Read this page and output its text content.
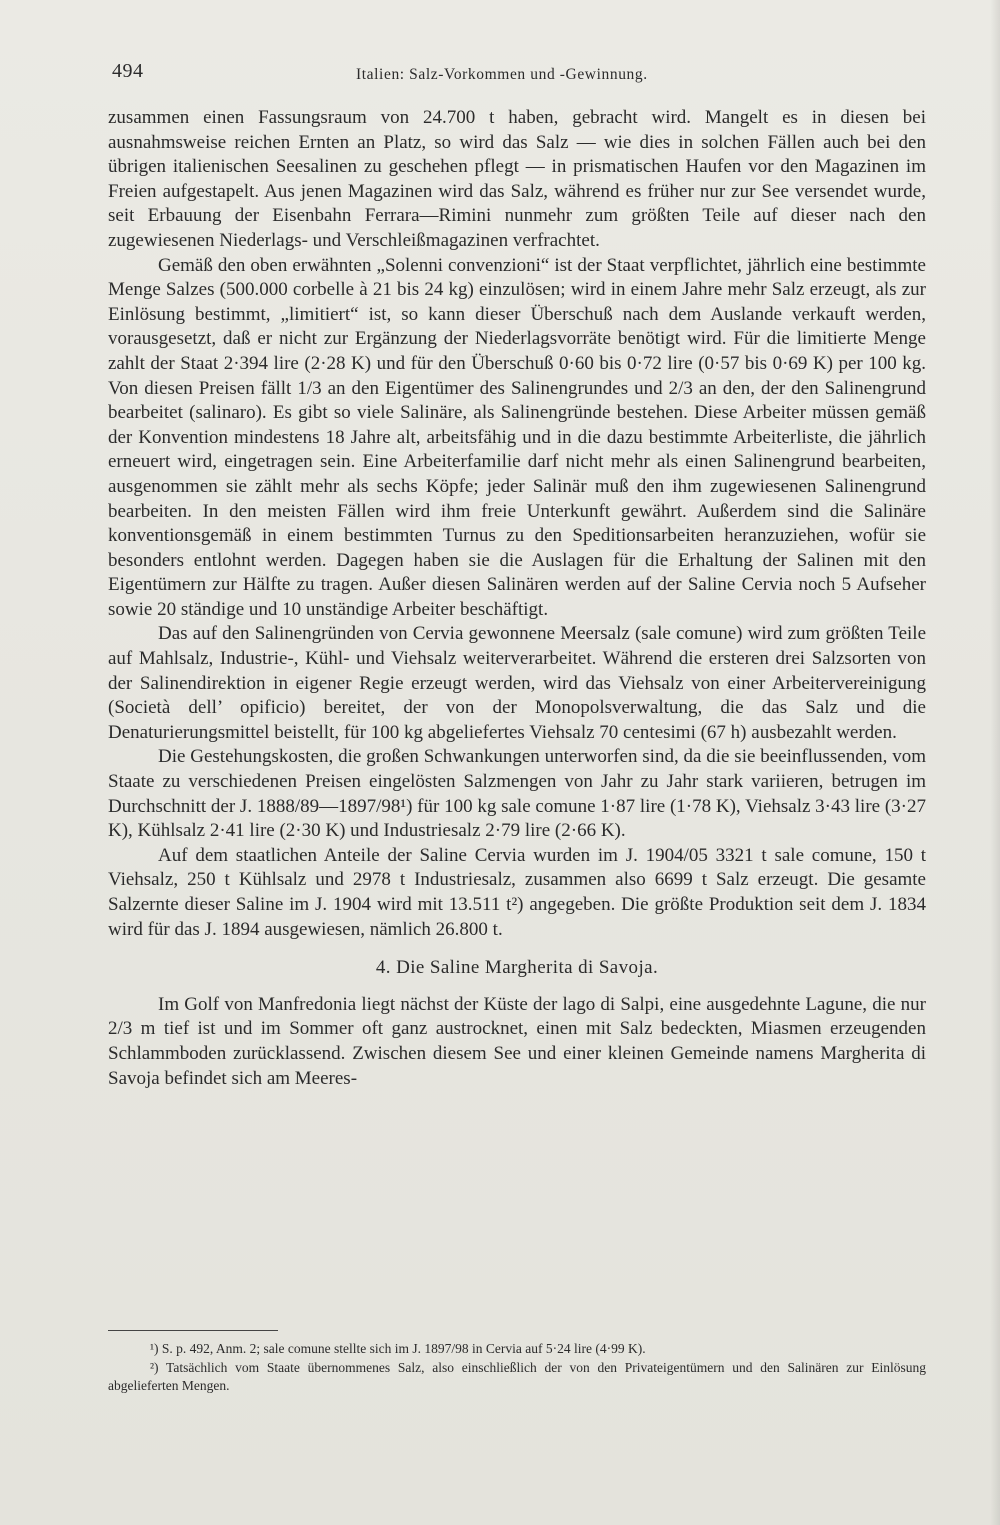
494	Italien: Salz-Vorkommen und -Gewinnung.

zusammen einen Fassungsraum von 24.700 t haben, gebracht wird. Mangelt es in diesen bei ausnahmsweise reichen Ernten an Platz, so wird das Salz — wie dies in solchen Fällen auch bei den übrigen italienischen Seesalinen zu geschehen pflegt — in prismatischen Haufen vor den Magazinen im Freien aufgestapelt. Aus jenen Magazinen wird das Salz, während es früher nur zur See versendet wurde, seit Erbauung der Eisenbahn Ferrara—Rimini nunmehr zum größten Teile auf dieser nach den zugewiesenen Niederlags- und Verschleißmagazinen verfrachtet.

Gemäß den oben erwähnten „Solenni convenzioni“ ist der Staat verpflichtet, jährlich eine bestimmte Menge Salzes (500.000 corbelle à 21 bis 24 kg) einzulösen; wird in einem Jahre mehr Salz erzeugt, als zur Einlösung bestimmt, „limitiert“ ist, so kann dieser Überschuß nach dem Auslande verkauft werden, vorausgesetzt, daß er nicht zur Ergänzung der Niederlagsvorräte benötigt wird. Für die limitierte Menge zahlt der Staat 2·394 lire (2·28 K) und für den Überschuß 0·60 bis 0·72 lire (0·57 bis 0·69 K) per 100 kg. Von diesen Preisen fällt 1/3 an den Eigentümer des Salinengrundes und 2/3 an den, der den Salinengrund bearbeitet (salinaro). Es gibt so viele Salinäre, als Salinengründe bestehen. Diese Arbeiter müssen gemäß der Konvention mindestens 18 Jahre alt, arbeitsfähig und in die dazu bestimmte Arbeiterliste, die jährlich erneuert wird, eingetragen sein. Eine Arbeiterfamilie darf nicht mehr als einen Salinengrund bearbeiten, ausgenommen sie zählt mehr als sechs Köpfe; jeder Salinär muß den ihm zugewiesenen Salinengrund bearbeiten. In den meisten Fällen wird ihm freie Unterkunft gewährt. Außerdem sind die Salinäre konventionsgemäß in einem bestimmten Turnus zu den Speditionsarbeiten heranzuziehen, wofür sie besonders entlohnt werden. Dagegen haben sie die Auslagen für die Erhaltung der Salinen mit den Eigentümern zur Hälfte zu tragen. Außer diesen Salinären werden auf der Saline Cervia noch 5 Aufseher sowie 20 ständige und 10 unständige Arbeiter beschäftigt.

Das auf den Salinengründen von Cervia gewonnene Meersalz (sale comune) wird zum größten Teile auf Mahlsalz, Industrie-, Kühl- und Viehsalz weiterverarbeitet. Während die ersteren drei Salzsorten von der Salinendirektion in eigener Regie erzeugt werden, wird das Viehsalz von einer Arbeitervereinigung (Società dell’ opificio) bereitet, der von der Monopolsverwaltung, die das Salz und die Denaturierungsmittel beistellt, für 100 kg abgeliefertes Viehsalz 70 centesimi (67 h) ausbezahlt werden.

Die Gestehungskosten, die großen Schwankungen unterworfen sind, da die sie beeinflussenden, vom Staate zu verschiedenen Preisen eingelösten Salzmengen von Jahr zu Jahr stark variieren, betrugen im Durchschnitt der J. 1888/89—1897/98¹) für 100 kg sale comune 1·87 lire (1·78 K), Viehsalz 3·43 lire (3·27 K), Kühlsalz 2·41 lire (2·30 K) und Industriesalz 2·79 lire (2·66 K).

Auf dem staatlichen Anteile der Saline Cervia wurden im J. 1904/05 3321 t sale comune, 150 t Viehsalz, 250 t Kühlsalz und 2978 t Industriesalz, zusammen also 6699 t Salz erzeugt. Die gesamte Salzernte dieser Saline im J. 1904 wird mit 13.511 t²) angegeben. Die größte Produktion seit dem J. 1834 wird für das J. 1894 ausgewiesen, nämlich 26.800 t.

4. Die Saline Margherita di Savoja.

Im Golf von Manfredonia liegt nächst der Küste der lago di Salpi, eine ausgedehnte Lagune, die nur 2/3 m tief ist und im Sommer oft ganz austrocknet, einen mit Salz bedeckten, Miasmen erzeugenden Schlammboden zurücklassend. Zwischen diesem See und einer kleinen Gemeinde namens Margherita di Savoja befindet sich am Meeres-

¹) S. p. 492, Anm. 2; sale comune stellte sich im J. 1897/98 in Cervia auf 5·24 lire (4·99 K).

²) Tatsächlich vom Staate übernommenes Salz, also einschließlich der von den Privateigentümern und den Salinären zur Einlösung abgelieferten Mengen.
